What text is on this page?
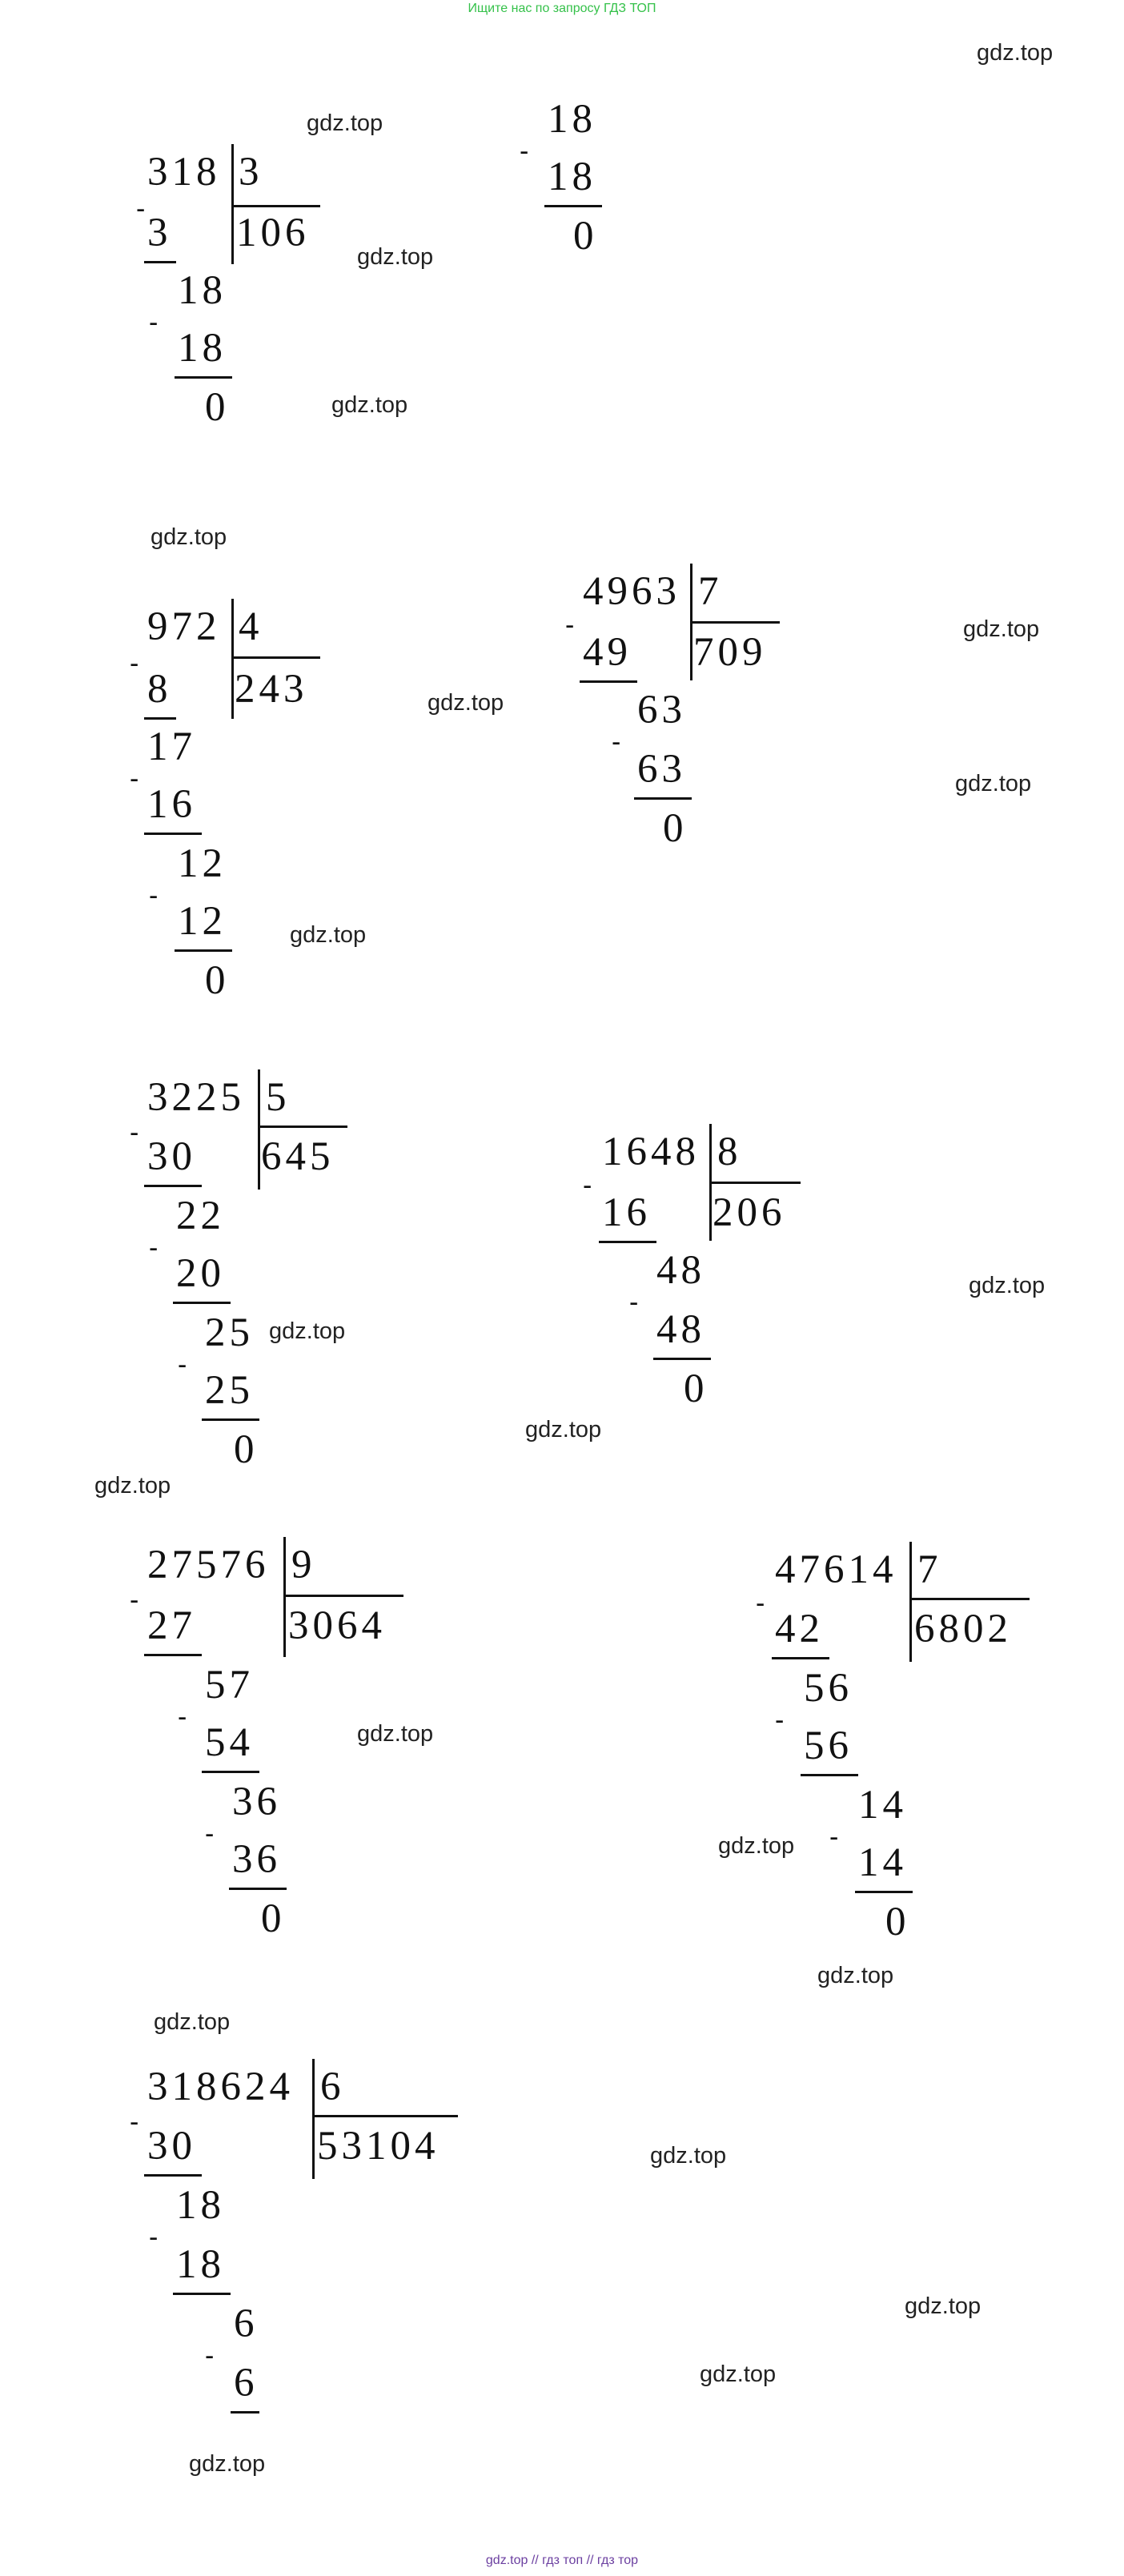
Ищите нас по запросу ГДЗ ТОП
gdz.top
gdz.top
gdz.top
gdz.top
gdz.top
gdz.top
gdz.top
gdz.top
gdz.top
gdz.top
gdz.top
gdz.top
gdz.top
gdz.top
gdz.top
gdz.top
gdz.top
gdz.top
gdz.top
gdz.top
gdz.top
318 3
106
-
3
18
-
18
0
18
-
18
0
972 4
243
-
8
17
-
16
12
-
12
0
4963 7
709
-
49
63
-
63
0
3225 5
645
-
30
22
-
20
25
-
25
0
1648 8
206
-
16
48
-
48
0
27576 9
3064
-
27
57
-
54
36
-
36
0
47614 7
6802
-
42
56
-
56
14
-
14
0
318624 6
53104
-
30
18
-
18
6
-
6
gdz.top // гдз топ // гдз тор
